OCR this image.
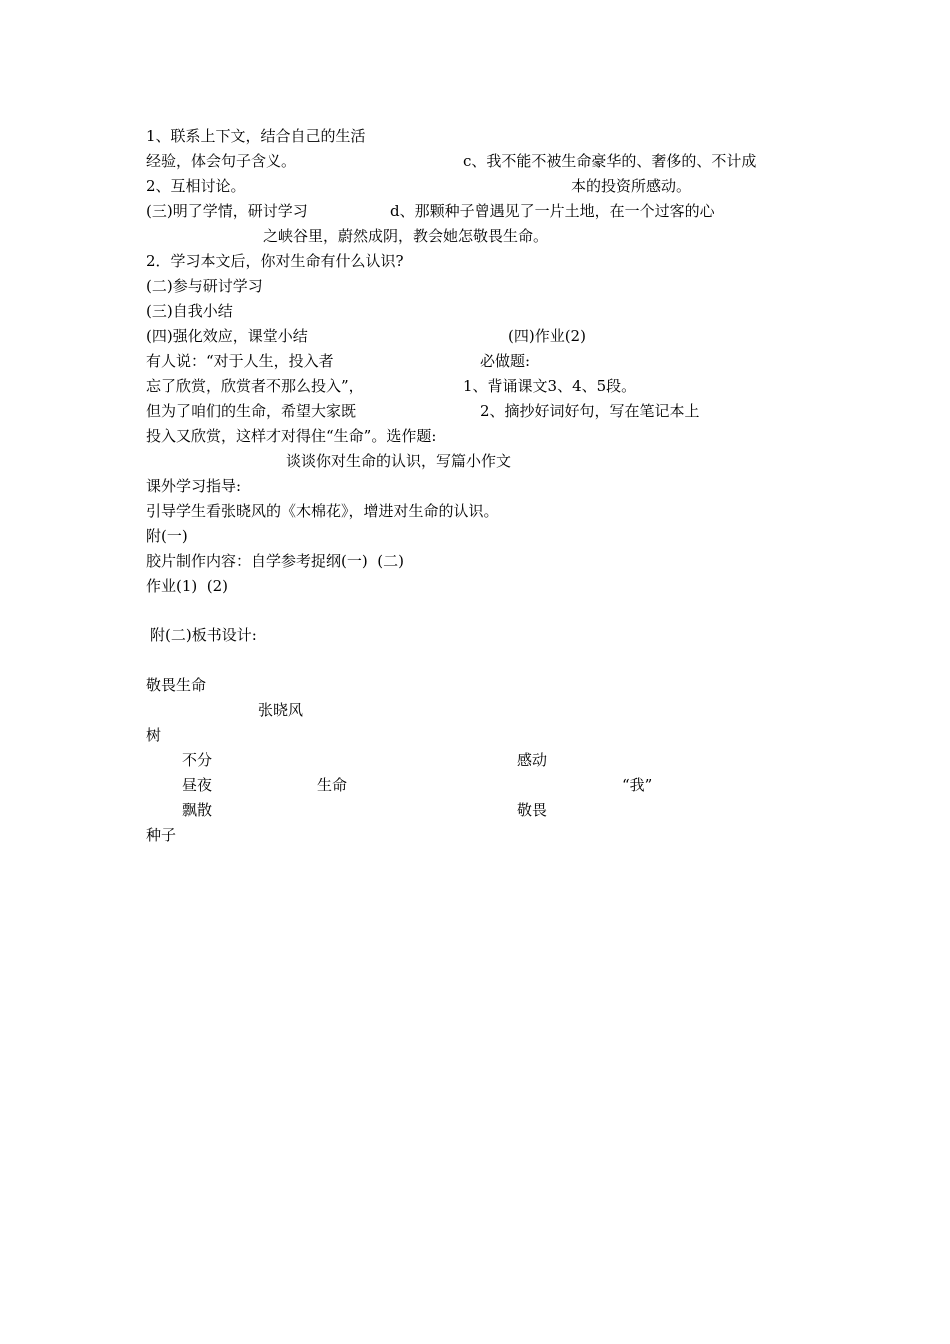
1、联系上下文，结合自己的生活
经验，体会句子含义。	c、我不能不被生命豪华的、奢侈的、不计成
2、互相讨论。	本的投资所感动。
(三)明了学情，研讨学习	d、那颗种子曾遇见了一片土地，在一个过客的心
之峡谷里，蔚然成阴，教会她怎敬畏生命。
2．学习本文后，你对生命有什么认识?
(二)参与研讨学习
(三)自我小结
(四)强化效应，课堂小结	(四)作业(2)
有人说：“对于人生，投入者	必做题:
忘了欣赏，欣赏者不那么投入”，	1、背诵课文3、4、5段。
但为了咱们的生命，希望大家既	2、摘抄好词好句，写在笔记本上
投入又欣赏，这样才对得住“生命”。选作题:
谈谈你对生命的认识，写篇小作文
课外学习指导:
引导学生看张晓风的《木棉花》，增进对生命的认识。
附(一)
胶片制作内容：自学参考捉纲(一)  (二)
作业(1)  (2)
附(二)板书设计:
敬畏生命
张晓风
树
不分	感动
昼夜	生命	“我”
飘散	敬畏
种子
